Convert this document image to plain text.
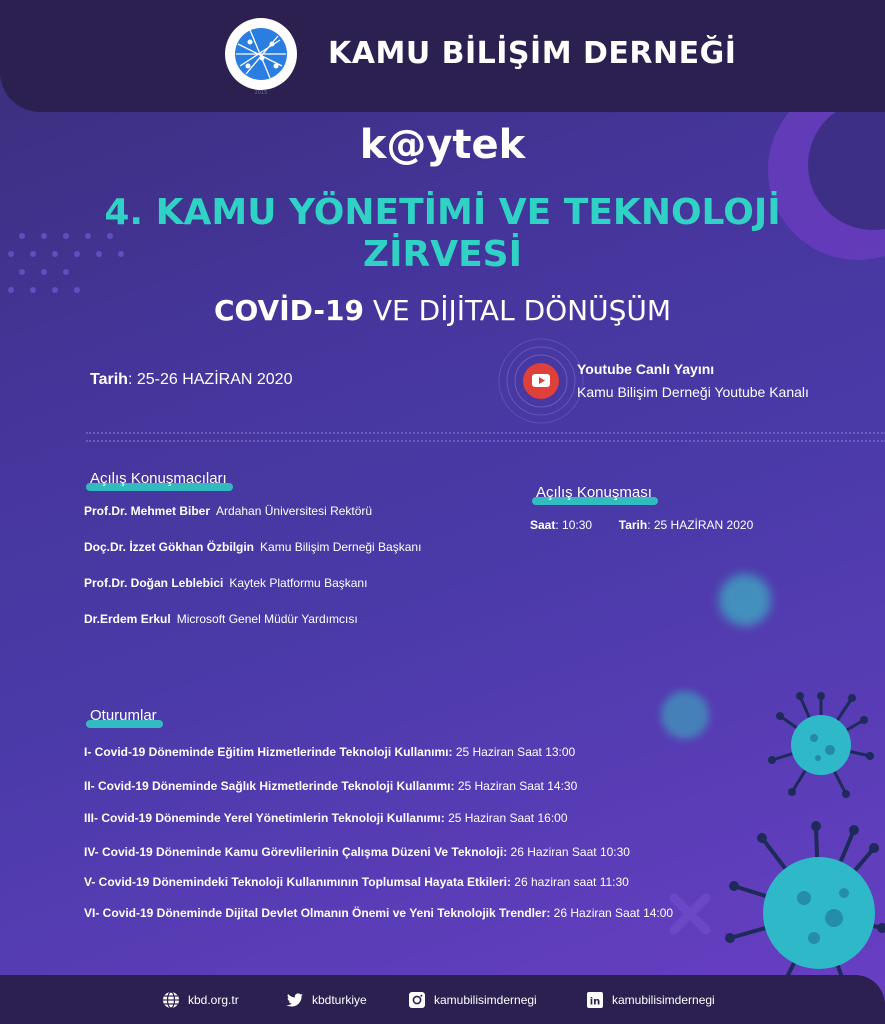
2015
KAMU BİLİŞİM DERNEĞİ
k@ytek
4. KAMU YÖNETİMİ VE TEKNOLOJİ ZİRVESİ
COVİD-19 VE DİJİTAL DÖNÜŞÜM
Tarih: 25-26 HAZİRAN 2020
Youtube Canlı Yayını
Kamu Bilişim Derneği Youtube Kanalı
Açılış Konuşmacıları
Prof.Dr. Mehmet Biber Ardahan Üniversitesi Rektörü
Doç.Dr. İzzet Gökhan Özbilgin Kamu Bilişim Derneği Başkanı
Prof.Dr. Doğan Leblebici Kaytek Platformu Başkanı
Dr.Erdem Erkul Microsoft Genel Müdür Yardımcısı
Açılış Konuşması
Saat: 10:30 Tarih: 25 HAZİRAN 2020
Oturumlar
I- Covid-19 Döneminde Eğitim Hizmetlerinde Teknoloji Kullanımı: 25 Haziran Saat 13:00
II- Covid-19 Döneminde Sağlık Hizmetlerinde Teknoloji Kullanımı: 25 Haziran Saat 14:30
III- Covid-19 Döneminde Yerel Yönetimlerin Teknoloji Kullanımı: 25 Haziran Saat 16:00
IV- Covid-19 Döneminde Kamu Görevlilerinin Çalışma Düzeni Ve Teknoloji: 26 Haziran Saat 10:30
V- Covid-19 Dönemindeki Teknoloji Kullanımının Toplumsal Hayata Etkileri: 26 haziran saat 11:30
VI- Covid-19 Döneminde Dijital Devlet Olmanın Önemi ve Yeni Teknolojik Trendler: 26 Haziran Saat 14:00
kbd.org.tr	kbdturkiye	kamubilisimdernegi	in kamubilisimdernegi
